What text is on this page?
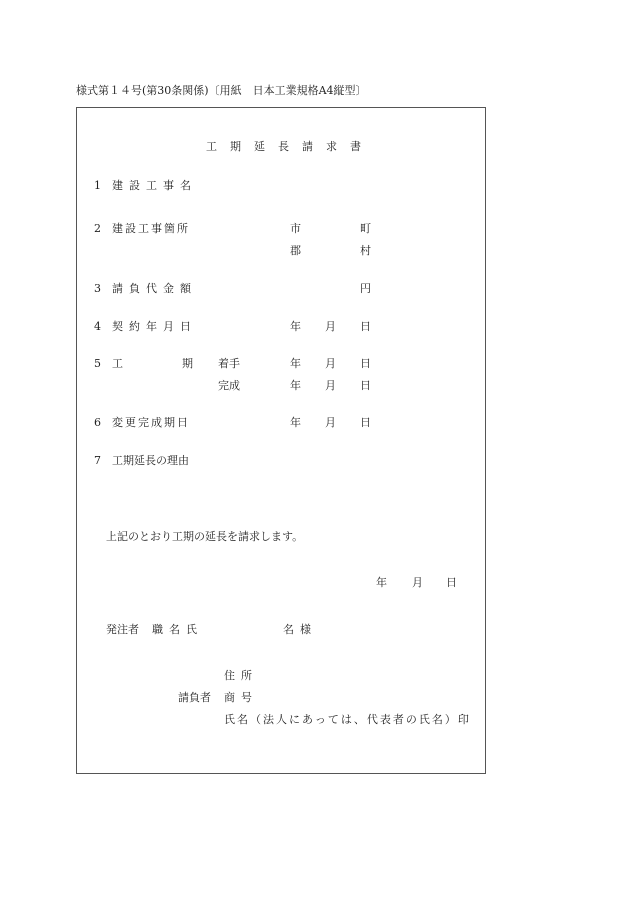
様式第１４号(第30条関係)〔用紙　日本工業規格A4縦型〕
工期延長請求書
1 建設工事名
2 建設工事箇所	市	町
郡	村
3 請負代金額	円
4 契約年月日	年 月 日
5 工	期 着手	年 月 日
完成	年 月 日
6 変更完成期日	年 月 日
7 工期延長の理由
上記のとおり工期の延長を請求します。
年 月 日
発注者 職名氏	名様
住所
請負者 商号
氏名（法人にあっては、代表者の氏名）印
